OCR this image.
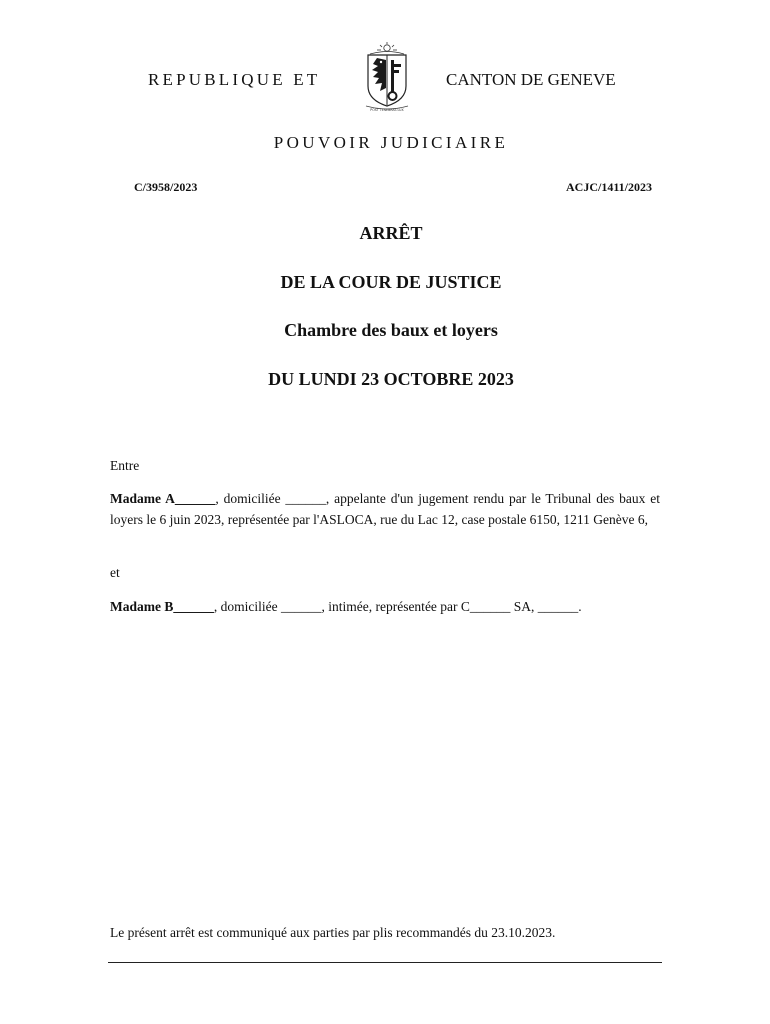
REPUBLIQUE ET
POST TENEBRAS LUX
CANTON DE GENEVE
POUVOIR JUDICIAIRE
C/3958/2023	ACJC/1411/2023
ARRÊT
DE LA COUR DE JUSTICE
Chambre des baux et loyers
DU LUNDI 23 OCTOBRE 2023
Entre
Madame A______, domiciliée ______, appelante d'un jugement rendu par le Tribunal des baux et loyers le 6 juin 2023, représentée par l'ASLOCA, rue du Lac 12, case postale 6150, 1211 Genève 6,
et
Madame B______, domiciliée ______, intimée, représentée par C______ SA, ______.
Le présent arrêt est communiqué aux parties par plis recommandés du 23.10.2023.
